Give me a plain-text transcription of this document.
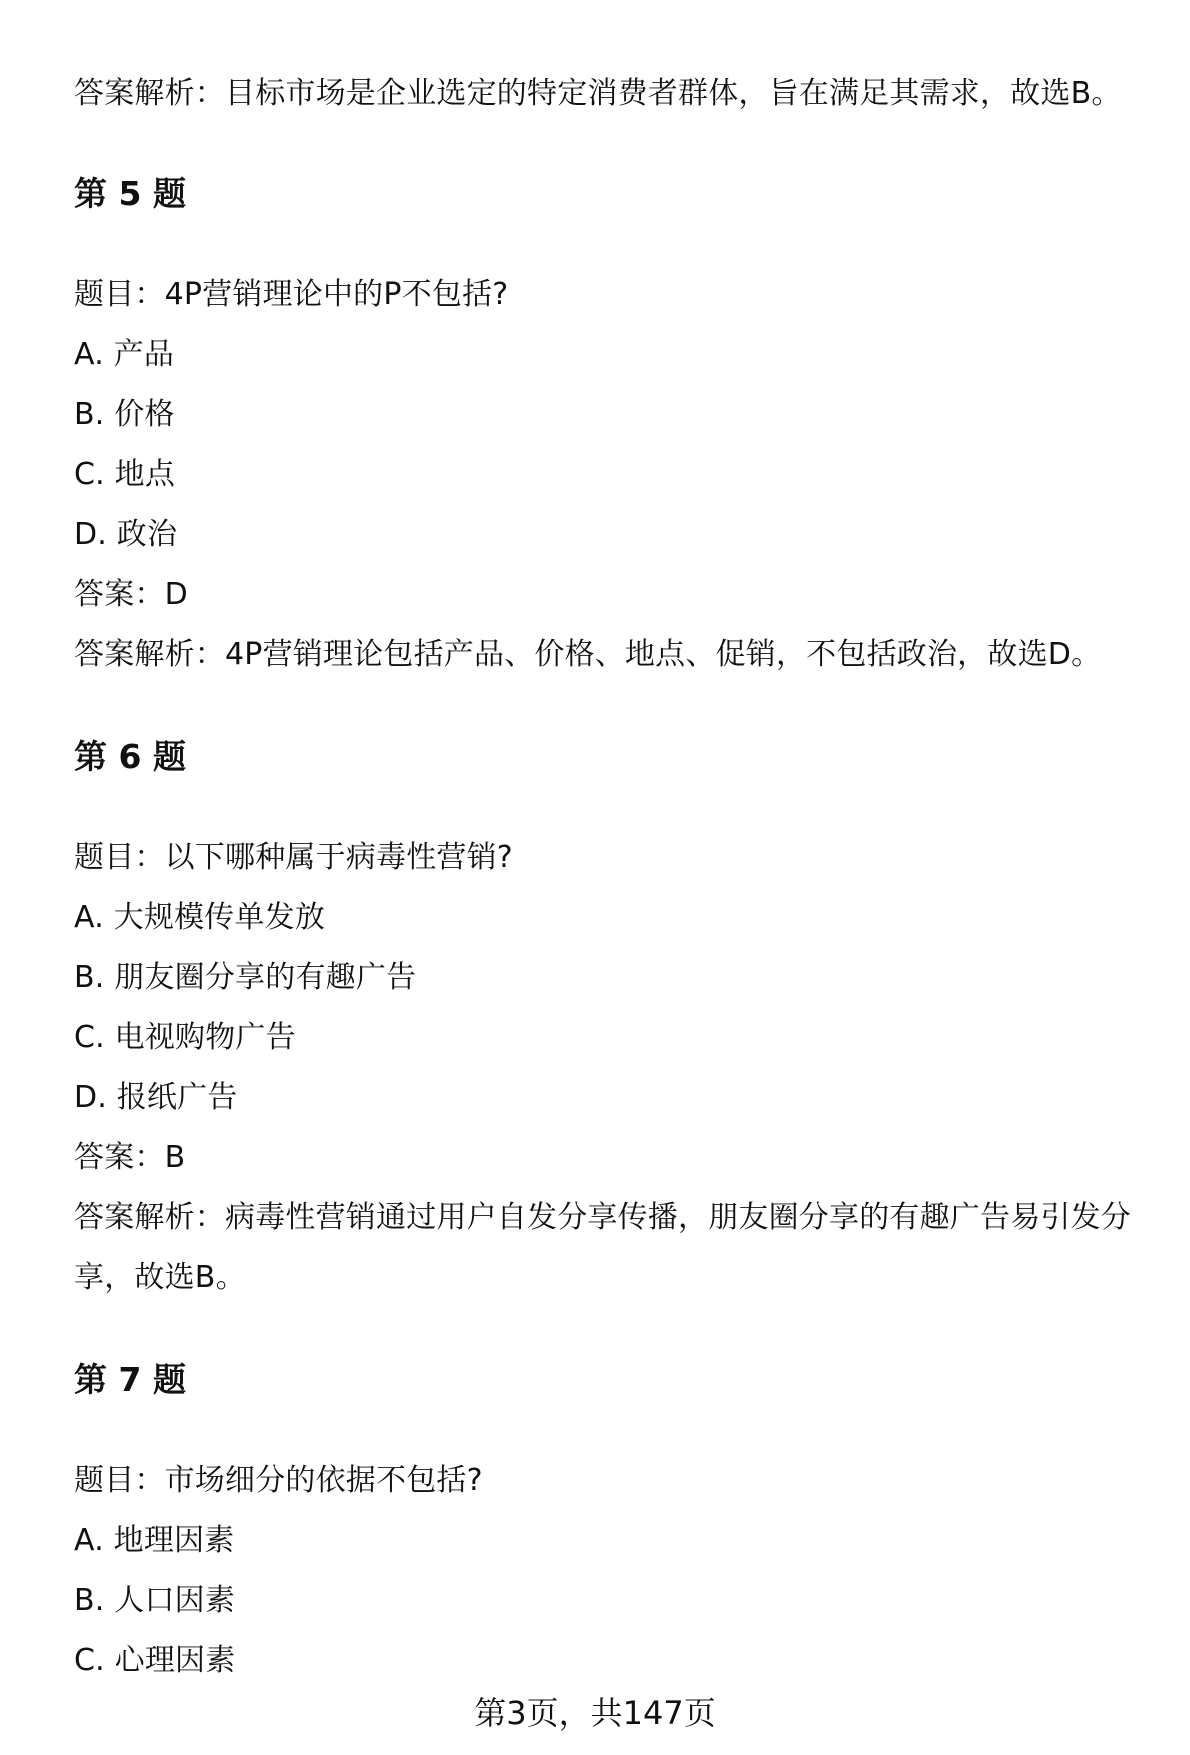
答案解析：目标市场是企业选定的特定消费者群体，旨在满足其需求，故选B。
第 5 题
题目：4P营销理论中的P不包括?
A. 产品
B. 价格
C. 地点
D. 政治
答案：D
答案解析：4P营销理论包括产品、价格、地点、促销，不包括政治，故选D。
第 6 题
题目：以下哪种属于病毒性营销?
A. 大规模传单发放
B. 朋友圈分享的有趣广告
C. 电视购物广告
D. 报纸广告
答案：B
答案解析：病毒性营销通过用户自发分享传播，朋友圈分享的有趣广告易引发分
享，故选B。
第 7 题
题目：市场细分的依据不包括?
A. 地理因素
B. 人口因素
C. 心理因素
第3页，共147页
